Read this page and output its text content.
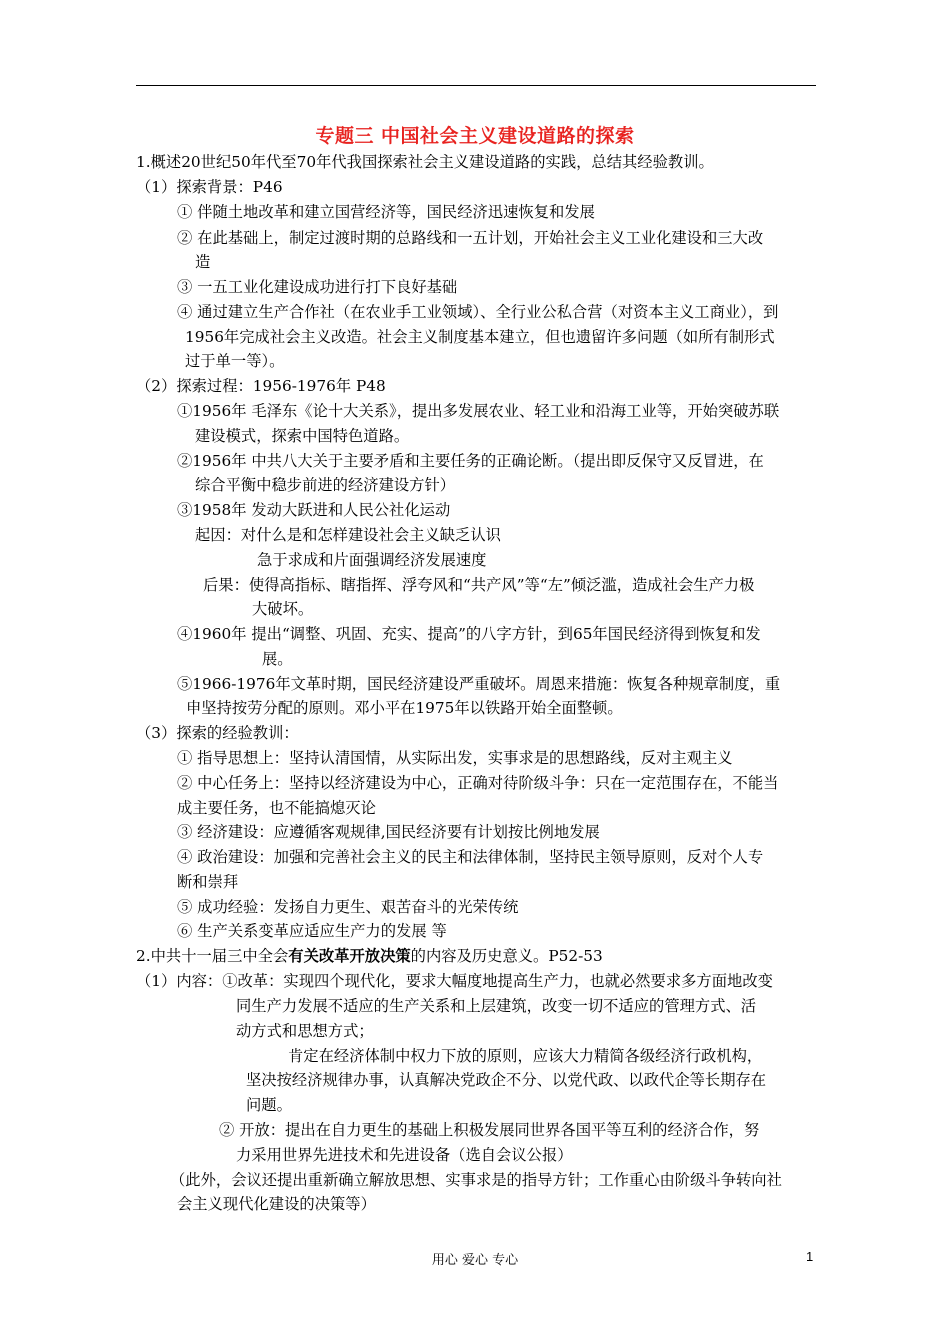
专题三 中国社会主义建设道路的探索
1.概述20世纪50年代至70年代我国探索社会主义建设道路的实践，总结其经验教训。
（1）探索背景：P46
① 伴随土地改革和建立国营经济等，国民经济迅速恢复和发展
② 在此基础上，制定过渡时期的总路线和一五计划，开始社会主义工业化建设和三大改
造
③ 一五工业化建设成功进行打下良好基础
④ 通过建立生产合作社（在农业手工业领域）、全行业公私合营（对资本主义工商业），到
1956年完成社会主义改造。社会主义制度基本建立，但也遗留许多问题（如所有制形式
过于单一等）。
（2）探索过程：1956-1976年 P48
①1956年 毛泽东《论十大关系》，提出多发展农业、轻工业和沿海工业等，开始突破苏联
建设模式，探索中国特色道路。
②1956年 中共八大关于主要矛盾和主要任务的正确论断。（提出即反保守又反冒进，在
综合平衡中稳步前进的经济建设方针）
③1958年 发动大跃进和人民公社化运动
起因：对什么是和怎样建设社会主义缺乏认识
急于求成和片面强调经济发展速度
后果：使得高指标、瞎指挥、浮夸风和“共产风”等“左”倾泛滥，造成社会生产力极
大破坏。
④1960年 提出“调整、巩固、充实、提高”的八字方针，到65年国民经济得到恢复和发
展。
⑤1966-1976年文革时期，国民经济建设严重破坏。周恩来措施：恢复各种规章制度，重
申坚持按劳分配的原则。邓小平在1975年以铁路开始全面整顿。
（3）探索的经验教训：
① 指导思想上：坚持认清国情，从实际出发，实事求是的思想路线，反对主观主义
② 中心任务上：坚持以经济建设为中心，正确对待阶级斗争：只在一定范围存在，不能当
成主要任务，也不能搞熄灭论
③ 经济建设：应遵循客观规律,国民经济要有计划按比例地发展
④ 政治建设：加强和完善社会主义的民主和法律体制，坚持民主领导原则，反对个人专
断和崇拜
⑤ 成功经验：发扬自力更生、艰苦奋斗的光荣传统
⑥ 生产关系变革应适应生产力的发展 等
2.中共十一届三中全会有关改革开放决策的内容及历史意义。P52-53
（1）内容：①改革：实现四个现代化，要求大幅度地提高生产力，也就必然要求多方面地改变
同生产力发展不适应的生产关系和上层建筑，改变一切不适应的管理方式、活
动方式和思想方式；
肯定在经济体制中权力下放的原则，应该大力精简各级经济行政机构，
坚决按经济规律办事，认真解决党政企不分、以党代政、以政代企等长期存在
问题。
② 开放：提出在自力更生的基础上积极发展同世界各国平等互利的经济合作，努
力采用世界先进技术和先进设备（选自会议公报）
（此外，会议还提出重新确立解放思想、实事求是的指导方针；工作重心由阶级斗争转向社
会主义现代化建设的决策等）
用心 爱心 专心	1
